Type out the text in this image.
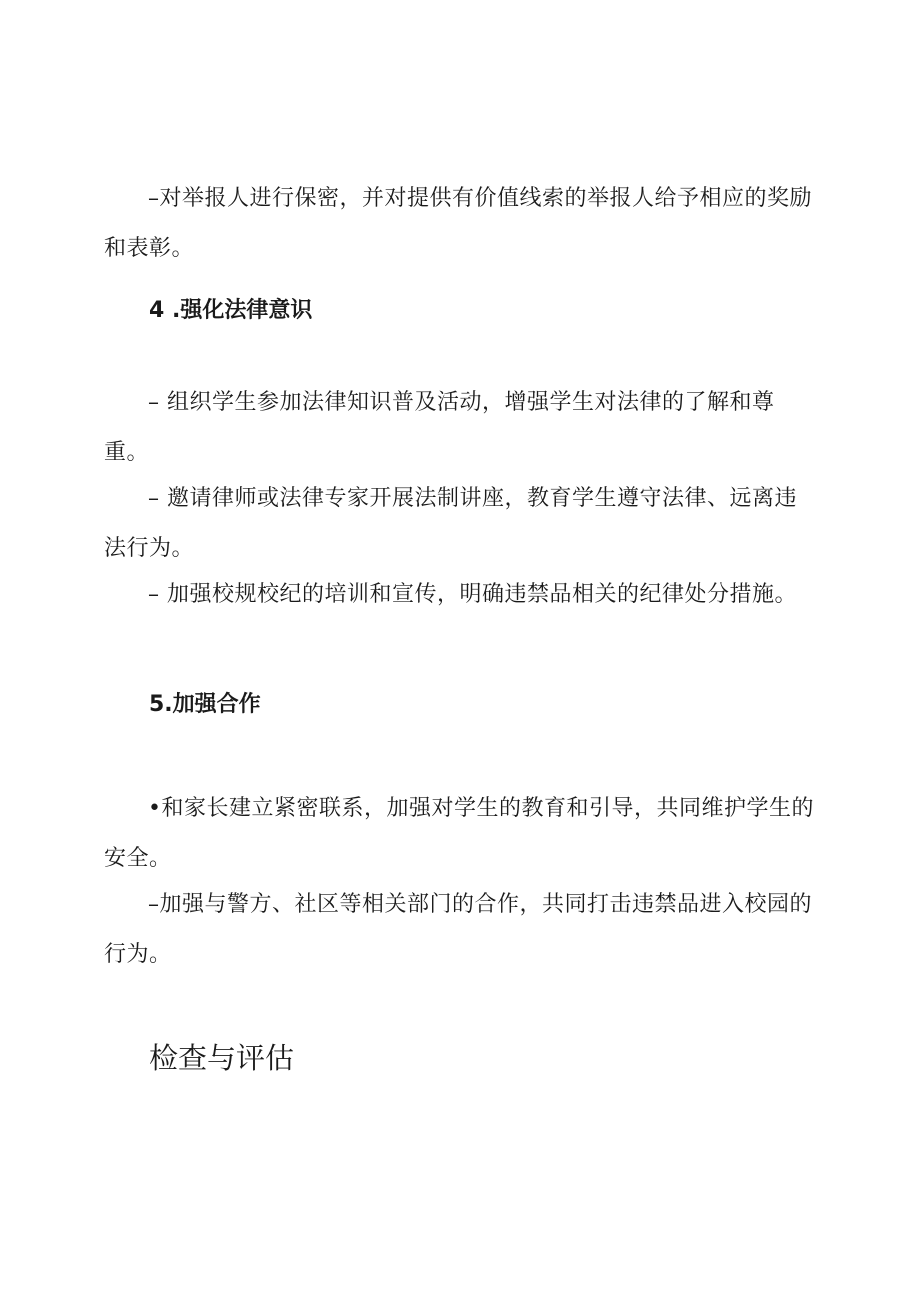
–对举报人进行保密，并对提供有价值线索的举报人给予相应的奖励和表彰。

4 .强化法律意识

– 组织学生参加法律知识普及活动，增强学生对法律的了解和尊重。

– 邀请律师或法律专家开展法制讲座，教育学生遵守法律、远离违法行为。

– 加强校规校纪的培训和宣传，明确违禁品相关的纪律处分措施。

5.加强合作

•和家长建立紧密联系，加强对学生的教育和引导，共同维护学生的安全。

–加强与警方、社区等相关部门的合作，共同打击违禁品进入校园的行为。

检查与评估
